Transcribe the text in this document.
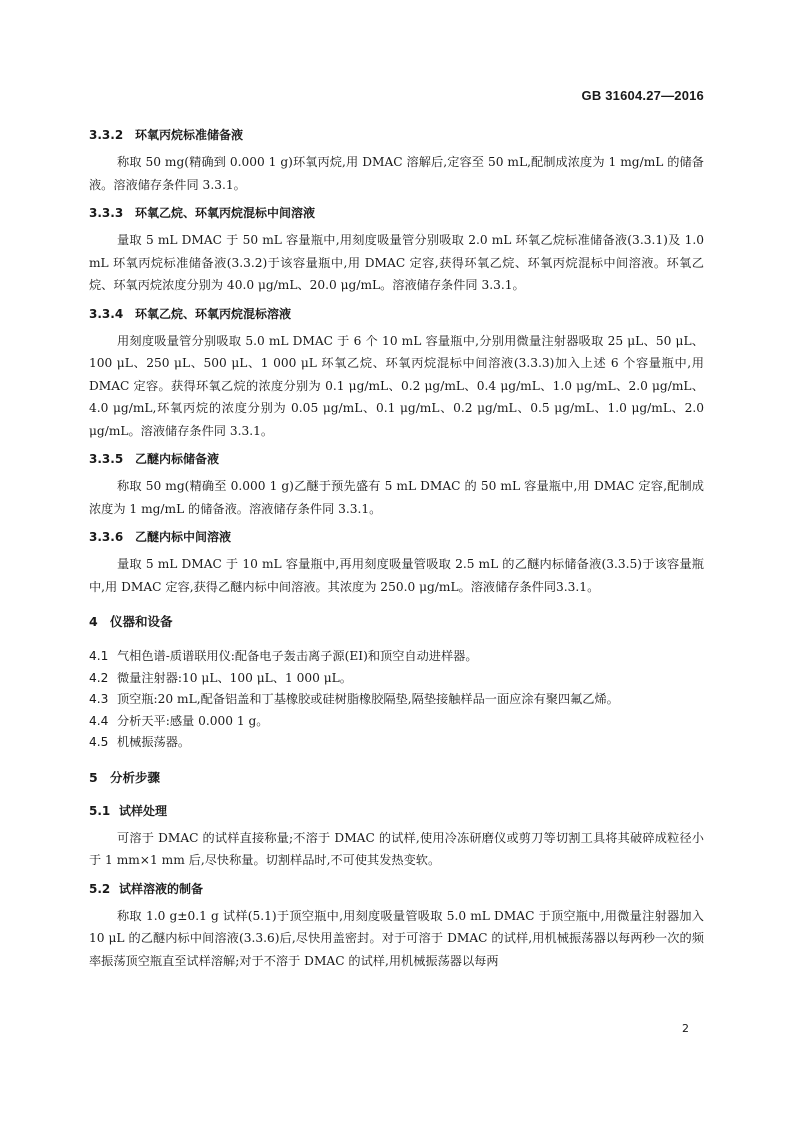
GB 31604.27—2016
3.3.2 环氧丙烷标准储备液

称取 50 mg(精确到 0.000 1 g)环氧丙烷,用 DMAC 溶解后,定容至 50 mL,配制成浓度为 1 mg/mL 的储备液。溶液储存条件同 3.3.1。

3.3.3 环氧乙烷、环氧丙烷混标中间溶液

量取 5 mL DMAC 于 50 mL 容量瓶中,用刻度吸量管分别吸取 2.0 mL 环氧乙烷标准储备液(3.3.1)及 1.0 mL 环氧丙烷标准储备液(3.3.2)于该容量瓶中,用 DMAC 定容,获得环氧乙烷、环氧丙烷混标中间溶液。环氧乙烷、环氧丙烷浓度分别为 40.0 μg/mL、20.0 μg/mL。溶液储存条件同 3.3.1。

3.3.4 环氧乙烷、环氧丙烷混标溶液

用刻度吸量管分别吸取 5.0 mL DMAC 于 6 个 10 mL 容量瓶中,分别用微量注射器吸取 25 μL、50 μL、100 μL、250 μL、500 μL、1 000 μL 环氧乙烷、环氧丙烷混标中间溶液(3.3.3)加入上述 6 个容量瓶中,用 DMAC 定容。获得环氧乙烷的浓度分别为 0.1 μg/mL、0.2 μg/mL、0.4 μg/mL、1.0 μg/mL、2.0 μg/mL、4.0 μg/mL,环氧丙烷的浓度分别为 0.05 μg/mL、0.1 μg/mL、0.2 μg/mL、0.5 μg/mL、1.0 μg/mL、2.0 μg/mL。溶液储存条件同 3.3.1。

3.3.5 乙醚内标储备液

称取 50 mg(精确至 0.000 1 g)乙醚于预先盛有 5 mL DMAC 的 50 mL 容量瓶中,用 DMAC 定容,配制成浓度为 1 mg/mL 的储备液。溶液储存条件同 3.3.1。

3.3.6 乙醚内标中间溶液

量取 5 mL DMAC 于 10 mL 容量瓶中,再用刻度吸量管吸取 2.5 mL 的乙醚内标储备液(3.3.5)于该容量瓶中,用 DMAC 定容,获得乙醚内标中间溶液。其浓度为 250.0 μg/mL。溶液储存条件同3.3.1。

4 仪器和设备

4.1 气相色谱-质谱联用仪:配备电子轰击离子源(EI)和顶空自动进样器。

4.2 微量注射器:10 μL、100 μL、1 000 μL。

4.3 顶空瓶:20 mL,配备铝盖和丁基橡胶或硅树脂橡胶隔垫,隔垫接触样品一面应涂有聚四氟乙烯。

4.4 分析天平:感量 0.000 1 g。

4.5 机械振荡器。

5 分析步骤
5.1 试样处理

可溶于 DMAC 的试样直接称量;不溶于 DMAC 的试样,使用冷冻研磨仪或剪刀等切割工具将其破碎成粒径小于 1 mm×1 mm 后,尽快称量。切割样品时,不可使其发热变软。

5.2 试样溶液的制备

称取 1.0 g±0.1 g 试样(5.1)于顶空瓶中,用刻度吸量管吸取 5.0 mL DMAC 于顶空瓶中,用微量注射器加入 10 μL 的乙醚内标中间溶液(3.3.6)后,尽快用盖密封。对于可溶于 DMAC 的试样,用机械振荡器以每两秒一次的频率振荡顶空瓶直至试样溶解;对于不溶于 DMAC 的试样,用机械振荡器以每两

2
